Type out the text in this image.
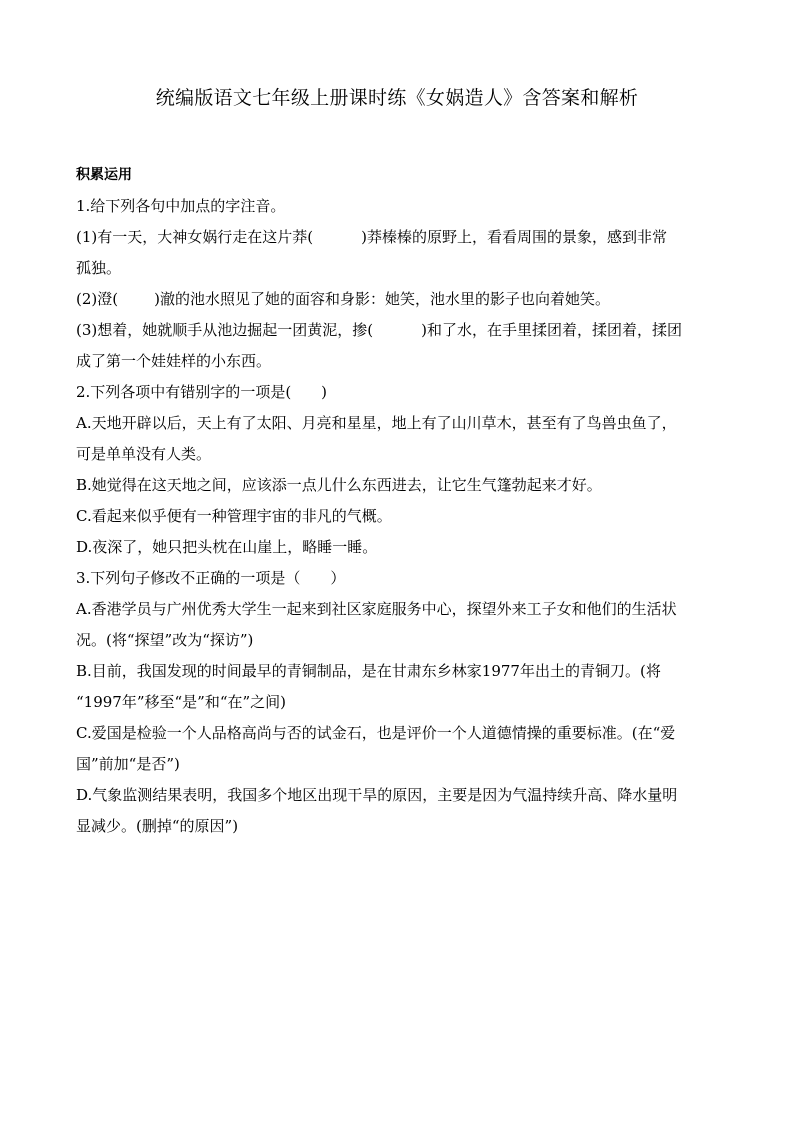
统编版语文七年级上册课时练《女娲造人》含答案和解析

积累运用

1.给下列各句中加点的字注音。

(1)有一天，大神女娲行走在这片莽(	)莽榛榛的原野上，看看周围的景象，感到非常

孤独。

(2)澄( )澈的池水照见了她的面容和身影：她笑，池水里的影子也向着她笑。

(3)想着，她就顺手从池边掘起一团黄泥，掺(	)和了水，在手里揉团着，揉团着，揉团

成了第一个娃娃样的小东西。

2.下列各项中有错别字的一项是( )

A.天地开辟以后，天上有了太阳、月亮和星星，地上有了山川草木，甚至有了鸟兽虫鱼了，

可是单单没有人类。

B.她觉得在这天地之间，应该添一点儿什么东西进去，让它生气篷勃起来才好。

C.看起来似乎便有一种管理宇宙的非凡的气概。

D.夜深了，她只把头枕在山崖上，略睡一睡。

3.下列句子修改不正确的一项是（ ）

A.香港学员与广州优秀大学生一起来到社区家庭服务中心，探望外来工子女和他们的生活状

况。(将“探望”改为“探访”)

B.目前，我国发现的时间最早的青铜制品，是在甘肃东乡林家1977年出土的青铜刀。(将

“1997年”移至“是”和“在”之间)

C.爱国是检验一个人品格高尚与否的试金石，也是评价一个人道德情操的重要标准。(在“爱

国”前加“是否”)

D.气象监测结果表明，我国多个地区出现干旱的原因，主要是因为气温持续升高、降水量明

显减少。(删掉“的原因”)
